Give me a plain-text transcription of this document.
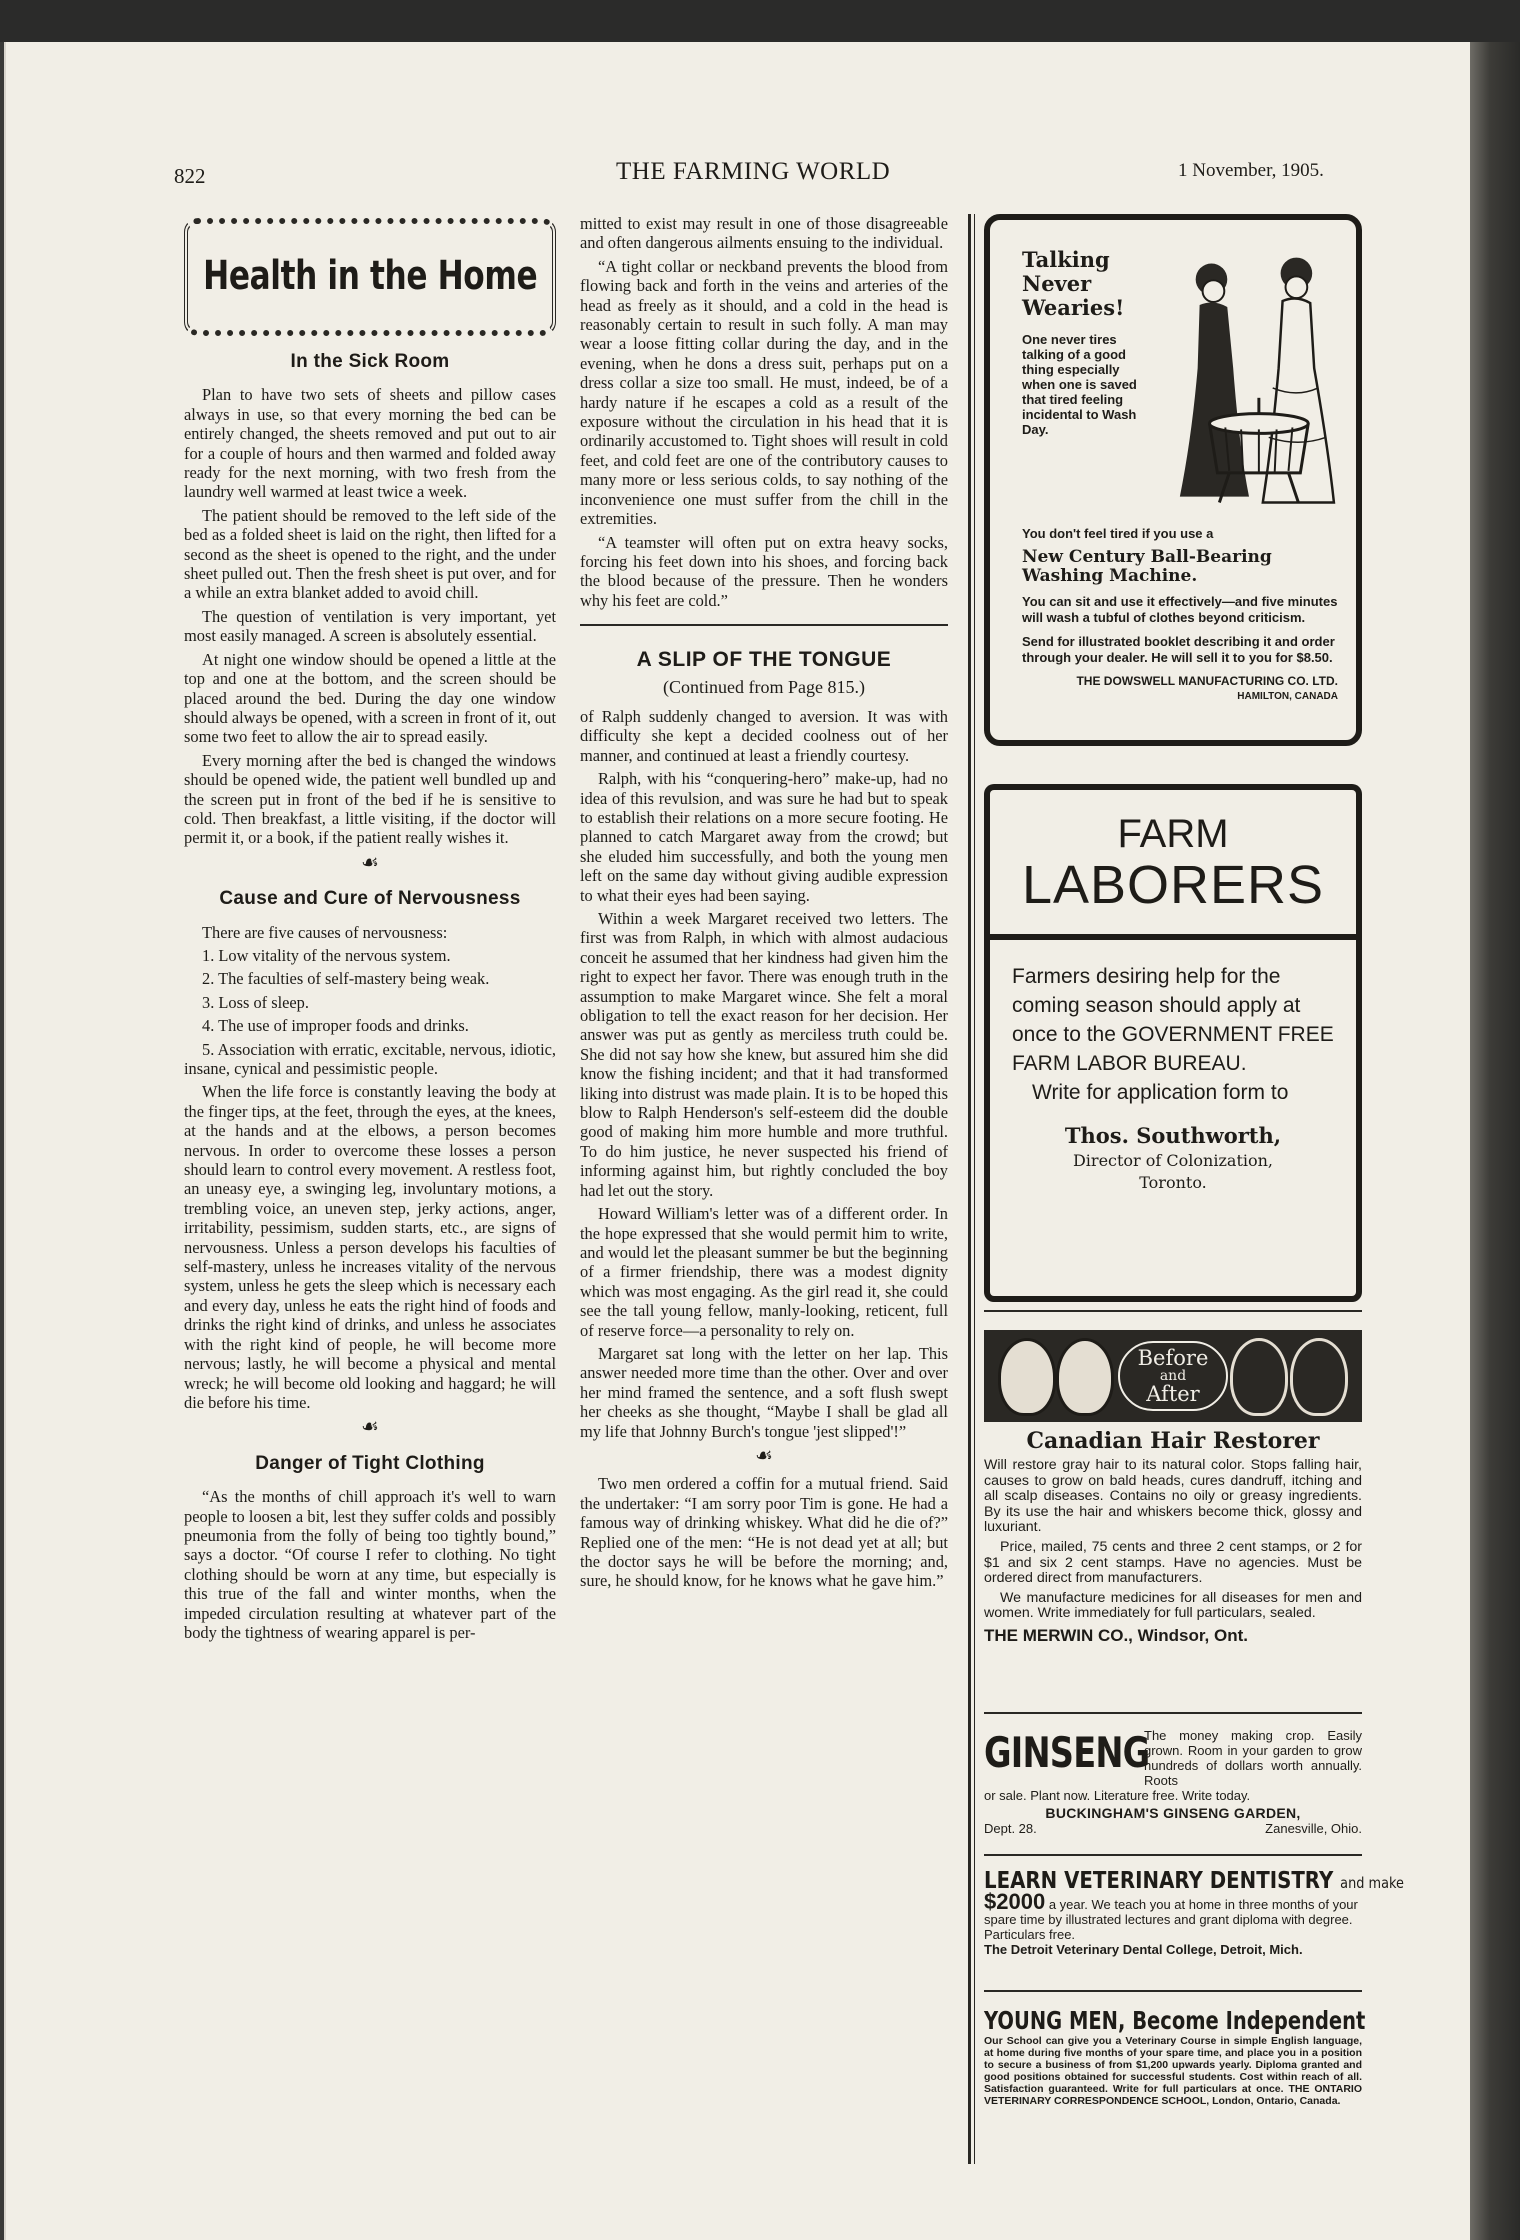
822	THE FARMING WORLD	1 November, 1905.
Health in the Home
In the Sick Room

Plan to have two sets of sheets and pillow cases always in use, so that every morning the bed can be entirely changed, the sheets removed and put out to air for a couple of hours and then warmed and folded away ready for the next morning, with two fresh from the laundry well warmed at least twice a week.

The patient should be removed to the left side of the bed as a folded sheet is laid on the right, then lifted for a second as the sheet is opened to the right, and the under sheet pulled out. Then the fresh sheet is put over, and for a while an extra blanket added to avoid chill.

The question of ventilation is very important, yet most easily managed. A screen is absolutely essential.

At night one window should be opened a little at the top and one at the bottom, and the screen should be placed around the bed. During the day one window should always be opened, with a screen in front of it, out some two feet to allow the air to spread easily.

Every morning after the bed is changed the windows should be opened wide, the patient well bundled up and the screen put in front of the bed if he is sensitive to cold. Then breakfast, a little visiting, if the doctor will permit it, or a book, if the patient really wishes it.

☙
Cause and Cure of Nervousness

There are five causes of nervousness:

1. Low vitality of the nervous system.

2. The faculties of self-mastery being weak.

3. Loss of sleep.

4. The use of improper foods and drinks.

5. Association with erratic, excitable, nervous, idiotic, insane, cynical and pessimistic people.

When the life force is constantly leaving the body at the finger tips, at the feet, through the eyes, at the knees, at the hands and at the elbows, a person becomes nervous. In order to overcome these losses a person should learn to control every movement. A restless foot, an uneasy eye, a swinging leg, involuntary motions, a trembling voice, an uneven step, jerky actions, anger, irritability, pessimism, sudden starts, etc., are signs of nervousness. Unless a person develops his faculties of self-mastery, unless he increases vitality of the nervous system, unless he gets the sleep which is necessary each and every day, unless he eats the right hind of foods and drinks the right kind of drinks, and unless he associates with the right kind of people, he will become more nervous; lastly, he will become a physical and mental wreck; he will become old looking and haggard; he will die before his time.

☙
Danger of Tight Clothing

“As the months of chill approach it's well to warn people to loosen a bit, lest they suffer colds and possibly pneumonia from the folly of being too tightly bound,” says a doctor. “Of course I refer to clothing. No tight clothing should be worn at any time, but especially is this true of the fall and winter months, when the impeded circulation resulting at whatever part of the body the tightness of wearing apparel is per-

mitted to exist may result in one of those disagreeable and often dangerous ailments ensuing to the individual.

“A tight collar or neckband prevents the blood from flowing back and forth in the veins and arteries of the head as freely as it should, and a cold in the head is reasonably certain to result in such folly. A man may wear a loose fitting collar during the day, and in the evening, when he dons a dress suit, perhaps put on a dress collar a size too small. He must, indeed, be of a hardy nature if he escapes a cold as a result of the exposure without the circulation in his head that it is ordinarily accustomed to. Tight shoes will result in cold feet, and cold feet are one of the contributory causes to many more or less serious colds, to say nothing of the inconvenience one must suffer from the chill in the extremities.

“A teamster will often put on extra heavy socks, forcing his feet down into his shoes, and forcing back the blood because of the pressure. Then he wonders why his feet are cold.”

A SLIP OF THE TONGUE
(Continued from Page 815.)

of Ralph suddenly changed to aversion. It was with difficulty she kept a decided coolness out of her manner, and continued at least a friendly courtesy.

Ralph, with his “conquering-hero” make-up, had no idea of this revulsion, and was sure he had but to speak to establish their relations on a more secure footing. He planned to catch Margaret away from the crowd; but she eluded him successfully, and both the young men left on the same day without giving audible expression to what their eyes had been saying.

Within a week Margaret received two letters. The first was from Ralph, in which with almost audacious conceit he assumed that her kindness had given him the right to expect her favor. There was enough truth in the assumption to make Margaret wince. She felt a moral obligation to tell the exact reason for her decision. Her answer was put as gently as merciless truth could be. She did not say how she knew, but assured him she did know the fishing incident; and that it had transformed liking into distrust was made plain. It is to be hoped this blow to Ralph Henderson's self-esteem did the double good of making him more humble and more truthful. To do him justice, he never suspected his friend of informing against him, but rightly concluded the boy had let out the story.

Howard William's letter was of a different order. In the hope expressed that she would permit him to write, and would let the pleasant summer be but the beginning of a firmer friendship, there was a modest dignity which was most engaging. As the girl read it, she could see the tall young fellow, manly-looking, reticent, full of reserve force—a personality to rely on.

Margaret sat long with the letter on her lap. This answer needed more time than the other. Over and over her mind framed the sentence, and a soft flush swept her cheeks as she thought, “Maybe I shall be glad all my life that Johnny Burch's tongue 'jest slipped'!”

☙

Two men ordered a coffin for a mutual friend. Said the undertaker: “I am sorry poor Tim is gone. He had a famous way of drinking whiskey. What did he die of?” Replied one of the men: “He is not dead yet at all; but the doctor says he will be before the morning; and, sure, he should know, for he knows what he gave him.”

Talking Never Wearies!
One never tires talking of a good thing especially when one is saved that tired feeling incidental to Wash Day.
You don't feel tired if you use a
New Century Ball-Bearing Washing Machine.
You can sit and use it effectively—and five minutes will wash a tubful of clothes beyond criticism.
Send for illustrated booklet describing it and order through your dealer. He will sell it to you for $8.50.
THE DOWSWELL MANUFACTURING CO. LTD.
HAMILTON, CANADA
FARM
LABORERS
Farmers desiring help for the coming season should apply at once to the GOVERNMENT FREE FARM LABOR BUREAU.
Write for application form to
Thos. Southworth,
Director of Colonization,
Toronto.
Before
and
After
Canadian Hair Restorer
Will restore gray hair to its natural color. Stops falling hair, causes to grow on bald heads, cures dandruff, itching and all scalp diseases. Contains no oily or greasy ingredients. By its use the hair and whiskers become thick, glossy and luxuriant.
Price, mailed, 75 cents and three 2 cent stamps, or 2 for $1 and six 2 cent stamps. Have no agencies. Must be ordered direct from manufacturers.
We manufacture medicines for all diseases for men and women. Write immediately for full particulars, sealed.
THE MERWIN CO., Windsor, Ont.
GINSENG
The money making crop. Easily grown. Room in your garden to grow hundreds of dollars worth annually. Roots
or sale. Plant now. Literature free. Write today.
BUCKINGHAM'S GINSENG GARDEN,
Dept. 28.	Zanesville, Ohio.
LEARN VETERINARY DENTISTRY and make
$2000 a year. We teach you at home in three months of your spare time by illustrated lectures and grant diploma with degree. Particulars free.
The Detroit Veterinary Dental College, Detroit, Mich.
YOUNG MEN, Become Independent
Our School can give you a Veterinary Course in simple English language, at home during five months of your spare time, and place you in a position to secure a business of from $1,200 upwards yearly. Diploma granted and good positions obtained for successful students. Cost within reach of all. Satisfaction guaranteed. Write for full particulars at once. THE ONTARIO VETERINARY CORRESPONDENCE SCHOOL, London, Ontario, Canada.
